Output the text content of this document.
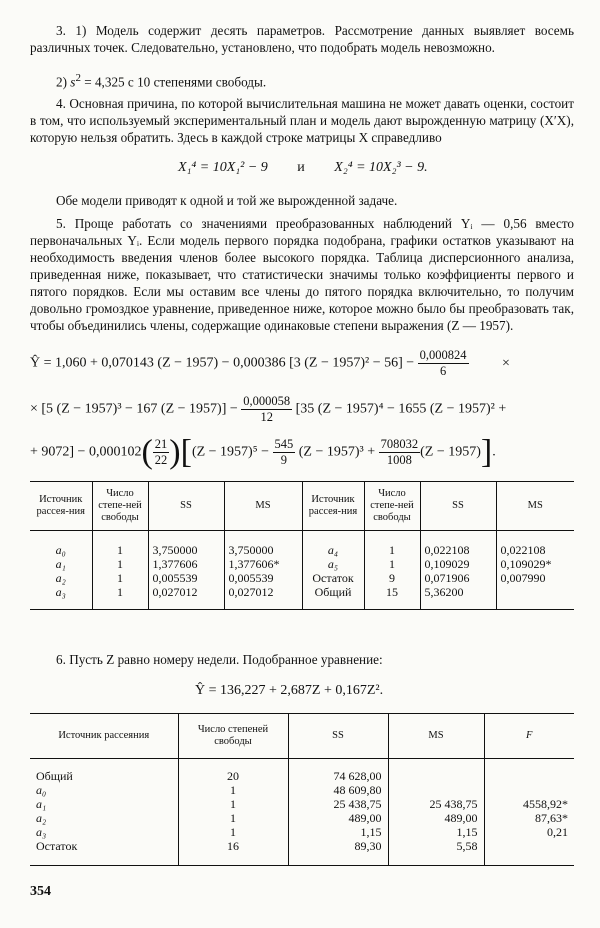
3. 1) Модель содержит десять параметров. Рассмотрение данных выявляет восемь различных точек. Следовательно, установлено, что подобрать модель невозможно.
2) $s^2 = 4,325$ с 10 степенями свободы.
4. Основная причина, по которой вычислительная машина не может давать оценки, состоит в том, что используемый экспериментальный план и модель дают вырожденную матрицу (X′X), которую нельзя обратить. Здесь в каждой строке матрицы X справедливо
X₁⁴ = 10X₁² − 9 и X₂⁴ = 10X₂³ − 9.
Обе модели приводят к одной и той же вырожденной задаче.
5. Проще работать со значениями преобразованных наблюдений Yᵢ — 0,56 вместо первоначальных Yᵢ. Если модель первого порядка подобрана, графики остатков указывают на необходимость введения членов более высокого порядка. Таблица дисперсионного анализа, приведенная ниже, показывает, что статистически значимы только коэффициенты первого и пятого порядков. Если мы оставим все члены до пятого порядка включительно, то получим довольно громоздкое уравнение, приведенное ниже, которое можно было бы преобразовать так, чтобы объединились члены, содержащие одинаковые степени выражения (Z — 1957).
Ŷ = 1,060 + 0,070143 (Z − 1957) − 0,000386 [3 $(Z - 1957)^2 - 56] - \frac{0,000824}{6}$ ×
× [5 (Z − 1957)³ − 167 $(Z - 1957)] - \frac{0,000058}{12} [35$ (Z − 1957)⁴ − 1655 (Z − 1957)² +
+ $9072] - 0,000102( \frac{21}{22} )[(Z - 1957)^5 - \frac{545}{9} (Z - 1957)^3 + \frac{708032}{1008} (Z - 1957)]$.
Источник рассея-ния	Число степе-ней свободы	SS	MS	Источник рассея-ния	Число степе-ней свободы	SS	MS
a₀	1	3,750000	3,750000	a₄	1	0,022108	0,022108
a₁	1	1,377606	1,377606*	a₅	1	0,109029	0,109029*
a₂	1	0,005539	0,005539	Остаток	9	0,071906	0,007990
a₃	1	0,027012	0,027012	Общий	15	5,36200	
6. Пусть Z равно номеру недели. Подобранное уравнение:
Ŷ = 136,227 + 2,687Z + 0,167Z².
Источник рассеяния	Число степеней свободы	SS	MS	F
Общий	20	74 628,00		
a₀	1	48 609,80		
a₁	1	25 438,75	25 438,75	4558,92*
a₂	1	489,00	489,00	87,63*
a₃	1	1,15	1,15	0,21
Остаток	16	89,30	5,58	
354
